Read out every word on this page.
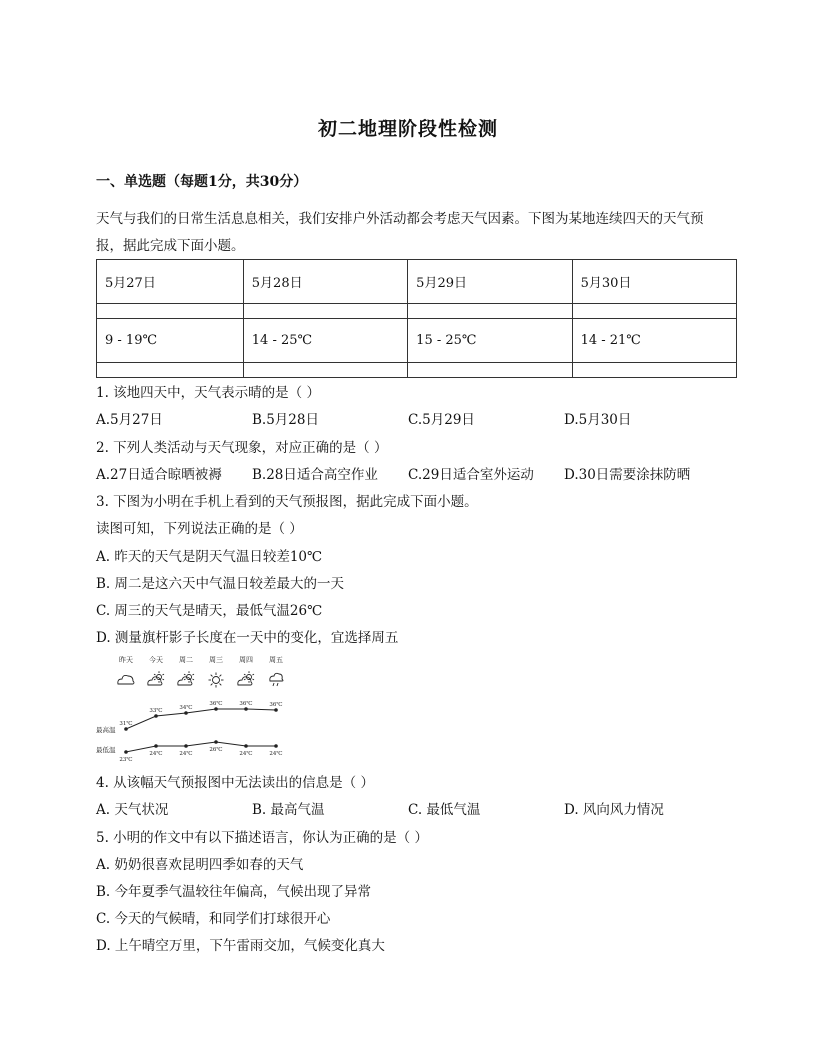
初二地理阶段性检测
一、单选题（每题1分，共30分）
天气与我们的日常生活息息相关，我们安排户外活动都会考虑天气因素。下图为某地连续四天的天气预报，据此完成下面小题。
5月27日	5月28日	5月29日	5月30日

9 - 19℃	14 - 25℃	15 - 25℃	14 - 21℃

1. 该地四天中，天气表示晴的是（ ）
A.5月27日	B.5月28日	C.5月29日	D.5月30日
2. 下列人类活动与天气现象，对应正确的是（ ）
A.27日适合晾晒被褥 B.28日适合高空作业 C.29日适合室外运动 D.30日需要涂抹防晒
3. 下图为小明在手机上看到的天气预报图，据此完成下面小题。
读图可知，下列说法正确的是（ ）
A. 昨天的天气是阴天气温日较差10℃
B. 周二是这六天中气温日较差最大的一天
C. 周三的天气是晴天，最低气温26℃
D. 测量旗杆影子长度在一天中的变化，宜选择周五
昨天 今天 周二 周三 周四 周五
最高温
最低温
31℃
33℃	34℃
36℃	36℃	36℃
23℃
24℃	24℃
26℃
24℃	24℃
4. 从该幅天气预报图中无法读出的信息是（ ）
A. 天气状况	B. 最高气温	C. 最低气温	D. 风向风力情况
5. 小明的作文中有以下描述语言，你认为正确的是（ ）
A. 奶奶很喜欢昆明四季如春的天气
B. 今年夏季气温较往年偏高，气候出现了异常
C. 今天的气候晴，和同学们打球很开心
D. 上午晴空万里，下午雷雨交加，气候变化真大
